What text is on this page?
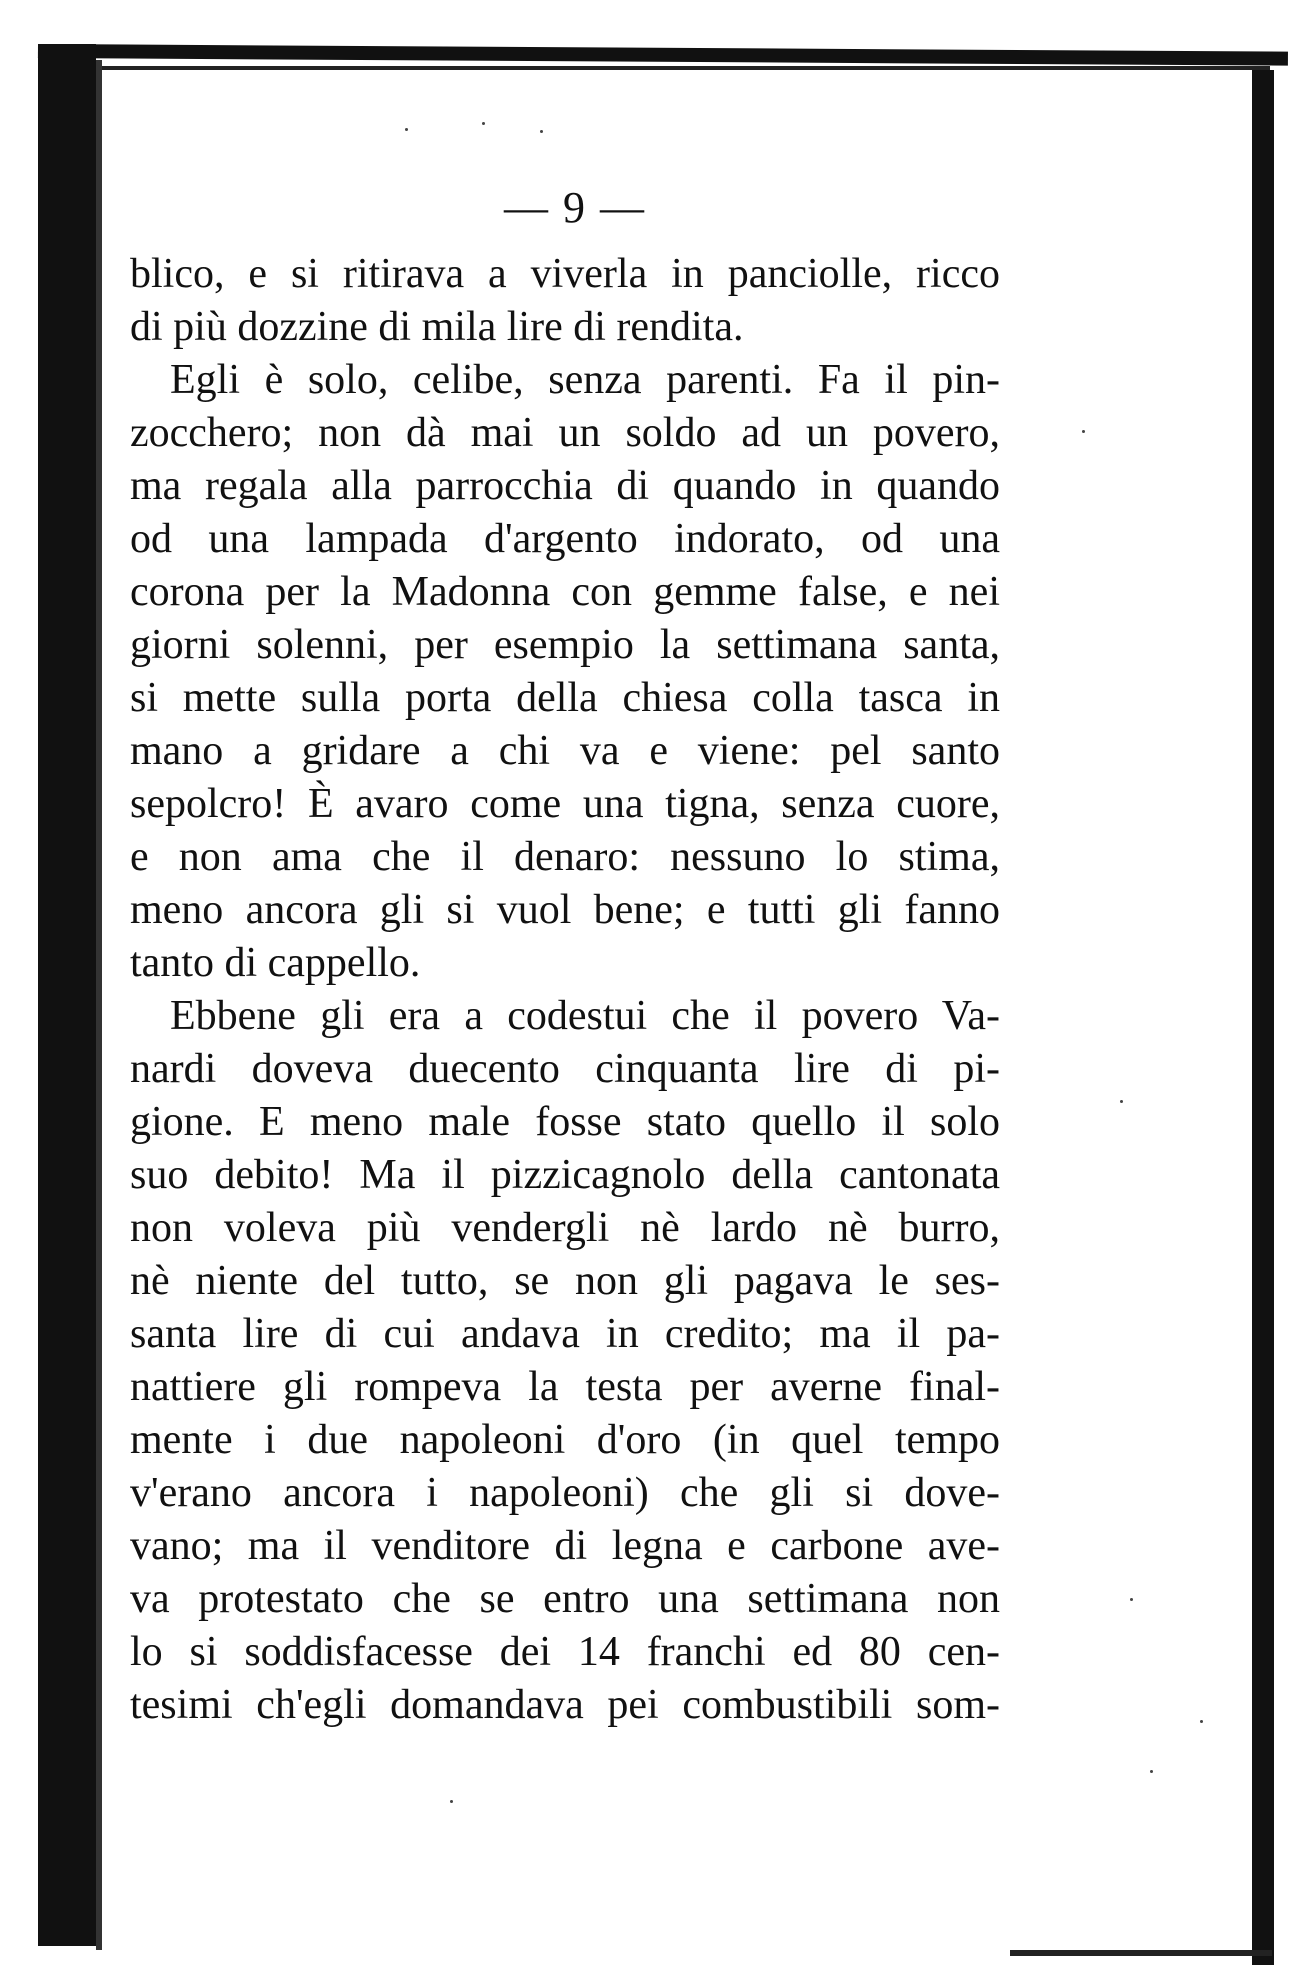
— 9 —
blico, e si ritirava a viverla in panciolle, ricco
di più dozzine di mila lire di rendita.
Egli è solo, celibe, senza parenti. Fa il pin-
zocchero; non dà mai un soldo ad un povero,
ma regala alla parrocchia di quando in quando
od una lampada d'argento indorato, od una
corona per la Madonna con gemme false, e nei
giorni solenni, per esempio la settimana santa,
si mette sulla porta della chiesa colla tasca in
mano a gridare a chi va e viene: pel santo
sepolcro! È avaro come una tigna, senza cuore,
e non ama che il denaro: nessuno lo stima,
meno ancora gli si vuol bene; e tutti gli fanno
tanto di cappello.
Ebbene gli era a codestui che il povero Va-
nardi doveva duecento cinquanta lire di pi-
gione. E meno male fosse stato quello il solo
suo debito! Ma il pizzicagnolo della cantonata
non voleva più vendergli nè lardo nè burro,
nè niente del tutto, se non gli pagava le ses-
santa lire di cui andava in credito; ma il pa-
nattiere gli rompeva la testa per averne final-
mente i due napoleoni d'oro (in quel tempo
v'erano ancora i napoleoni) che gli si dove-
vano; ma il venditore di legna e carbone ave-
va protestato che se entro una settimana non
lo si soddisfacesse dei 14 franchi ed 80 cen-
tesimi ch'egli domandava pei combustibili som-
